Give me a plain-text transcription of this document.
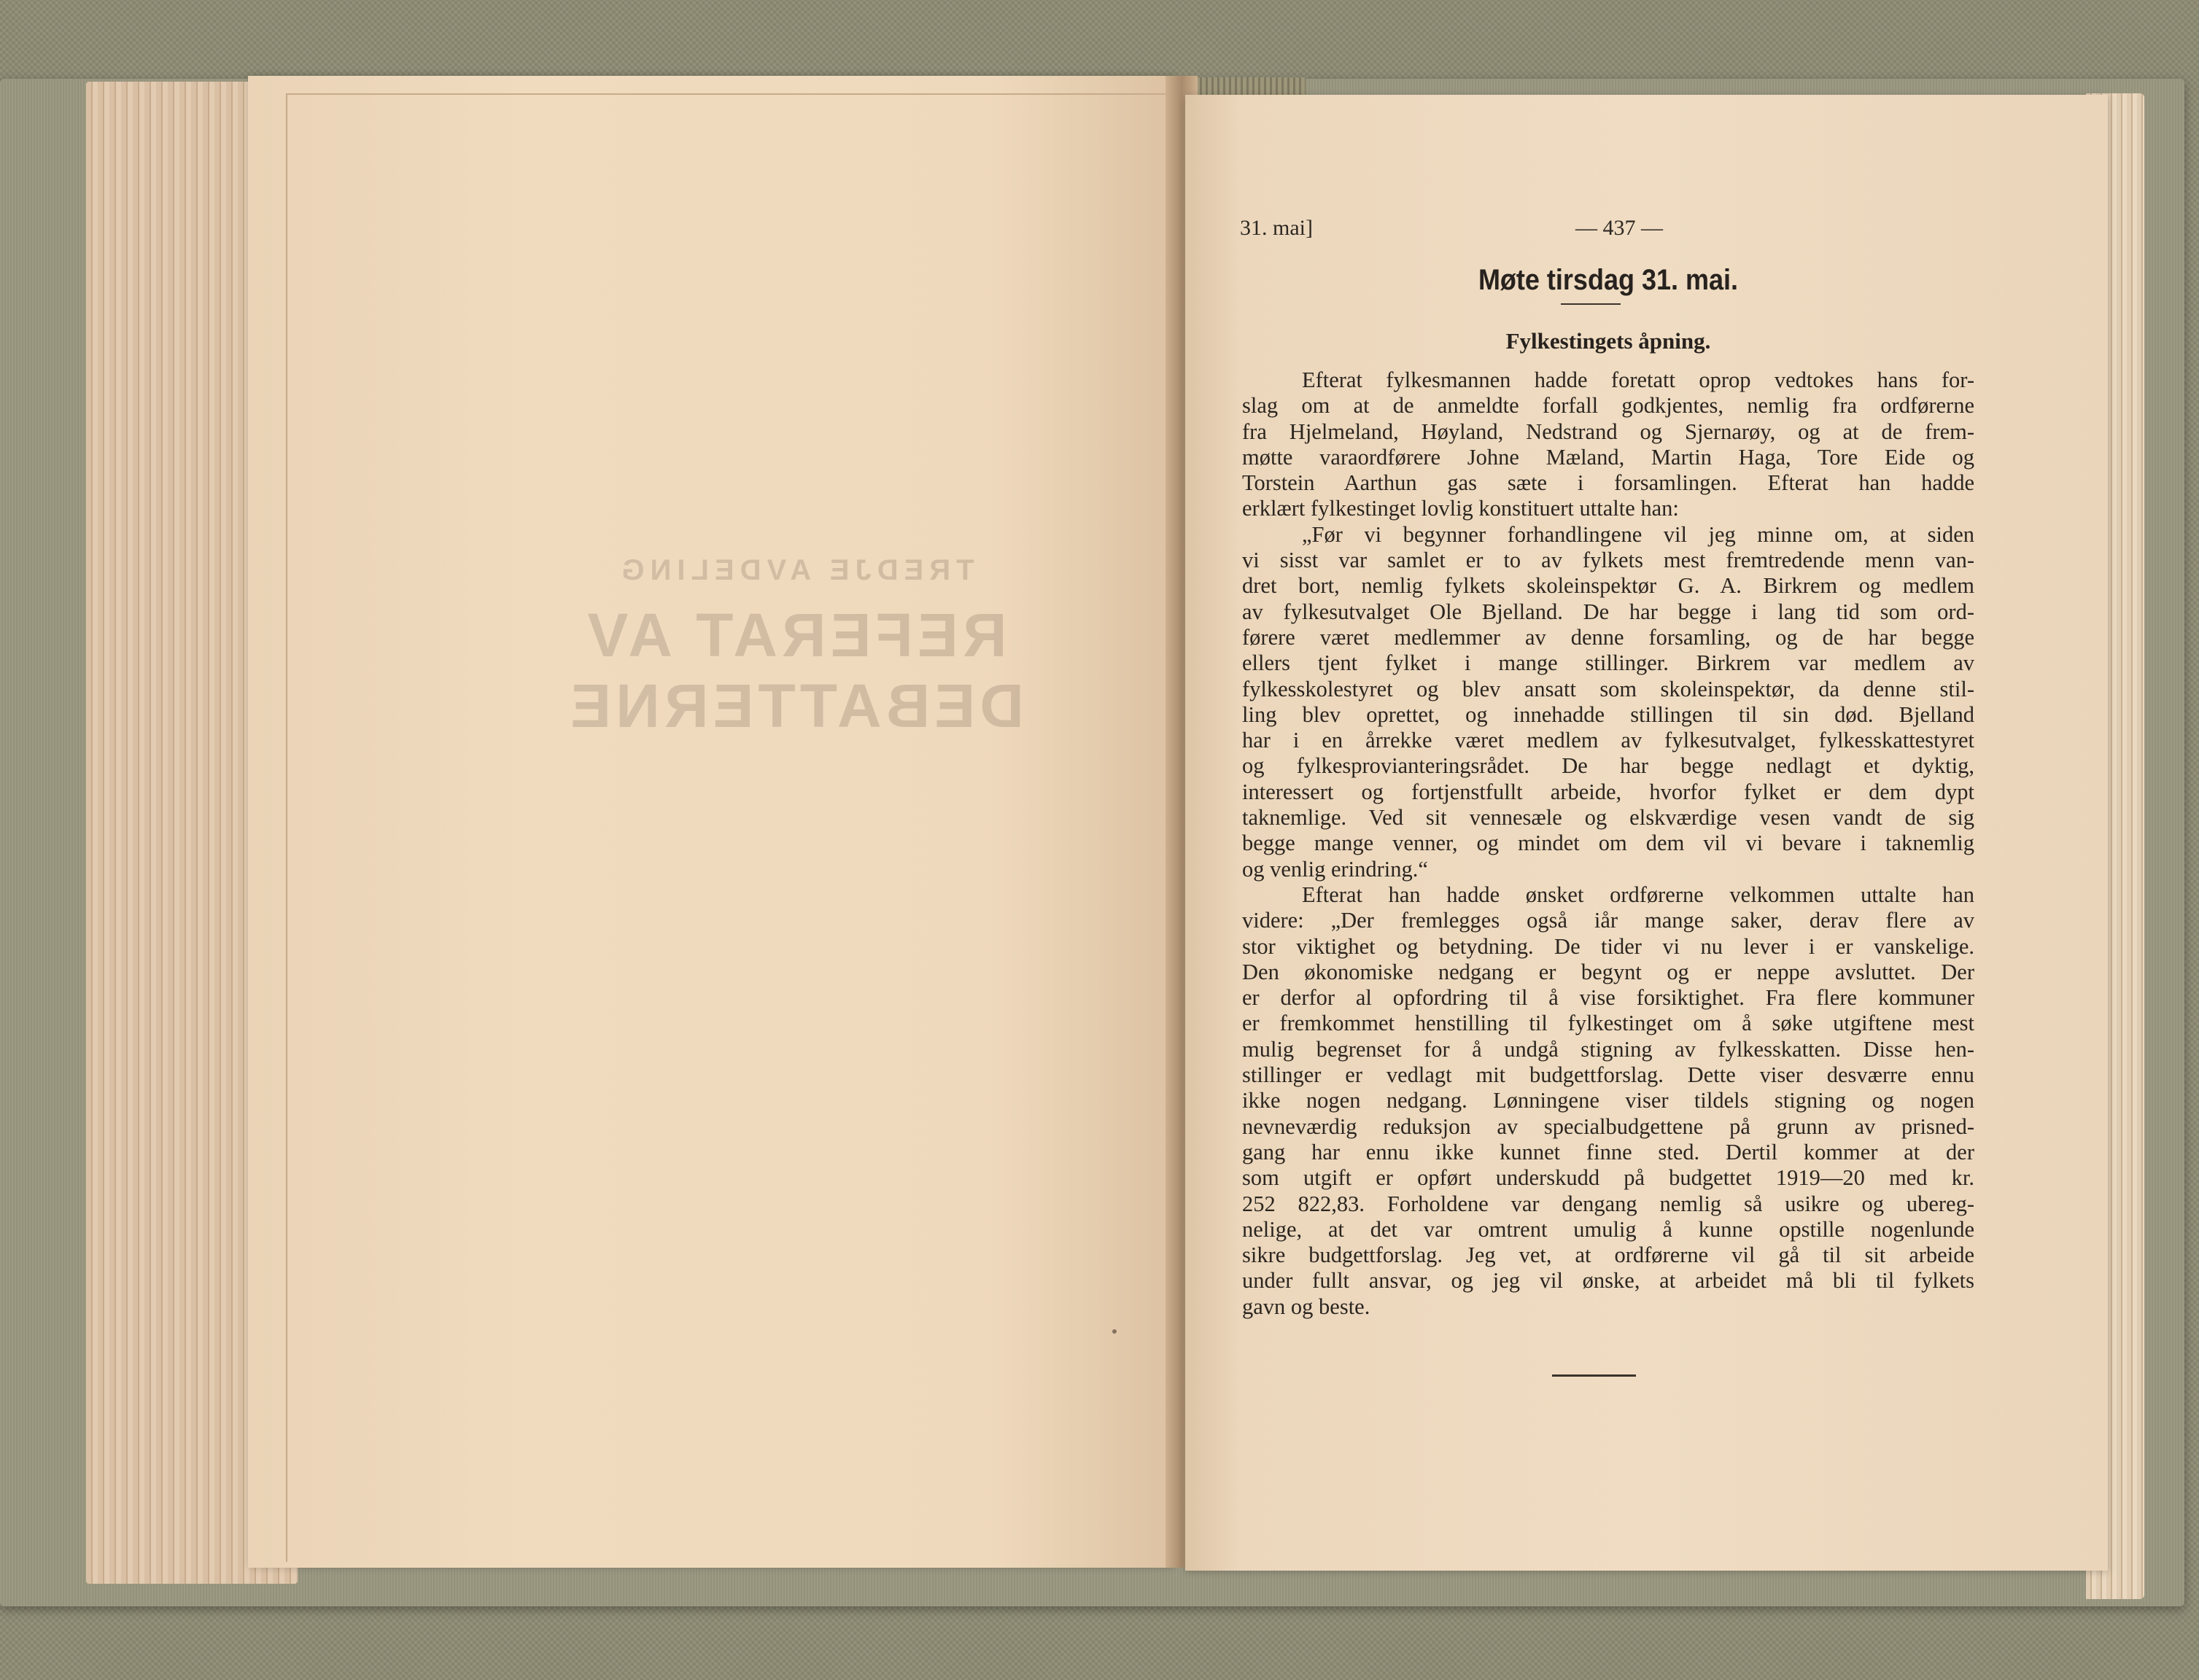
TREDJE AVDELING
REFERAT AV DEBATTERNE
31. mai]	— 437 —
Møte tirsdag 31. mai.
Fylkestingets åpning.
Efterat fylkesmannen hadde foretatt oprop vedtokes hans for-
slag om at de anmeldte forfall godkjentes, nemlig fra ordførerne
fra Hjelmeland, Høyland, Nedstrand og Sjernarøy, og at de frem-
møtte varaordførere Johne Mæland, Martin Haga, Tore Eide og
Torstein Aarthun gas sæte i forsamlingen. Efterat han hadde
erklært fylkestinget lovlig konstituert uttalte han:
„Før vi begynner forhandlingene vil jeg minne om, at siden
vi sisst var samlet er to av fylkets mest fremtredende menn van-
dret bort, nemlig fylkets skoleinspektør G. A. Birkrem og medlem
av fylkesutvalget Ole Bjelland. De har begge i lang tid som ord-
førere været medlemmer av denne forsamling, og de har begge
ellers tjent fylket i mange stillinger. Birkrem var medlem av
fylkesskolestyret og blev ansatt som skoleinspektør, da denne stil-
ling blev oprettet, og innehadde stillingen til sin død. Bjelland
har i en årrekke været medlem av fylkesutvalget, fylkesskattestyret
og fylkesprovianteringsrådet. De har begge nedlagt et dyktig,
interessert og fortjenstfullt arbeide, hvorfor fylket er dem dypt
taknemlige. Ved sit vennesæle og elskværdige vesen vandt de sig
begge mange venner, og mindet om dem vil vi bevare i taknemlig
og venlig erindring.“
Efterat han hadde ønsket ordførerne velkommen uttalte han
videre: „Der fremlegges også iår mange saker, derav flere av
stor viktighet og betydning. De tider vi nu lever i er vanskelige.
Den økonomiske nedgang er begynt og er neppe avsluttet. Der
er derfor al opfordring til å vise forsiktighet. Fra flere kommuner
er fremkommet henstilling til fylkestinget om å søke utgiftene mest
mulig begrenset for å undgå stigning av fylkesskatten. Disse hen-
stillinger er vedlagt mit budgettforslag. Dette viser desværre ennu
ikke nogen nedgang. Lønningene viser tildels stigning og nogen
nevneværdig reduksjon av specialbudgettene på grunn av prisned-
gang har ennu ikke kunnet finne sted. Dertil kommer at der
som utgift er opført underskudd på budgettet 1919—20 med kr.
252 822,83. Forholdene var dengang nemlig så usikre og ubereg-
nelige, at det var omtrent umulig å kunne opstille nogenlunde
sikre budgettforslag. Jeg vet, at ordførerne vil gå til sit arbeide
under fullt ansvar, og jeg vil ønske, at arbeidet må bli til fylkets
gavn og beste.
